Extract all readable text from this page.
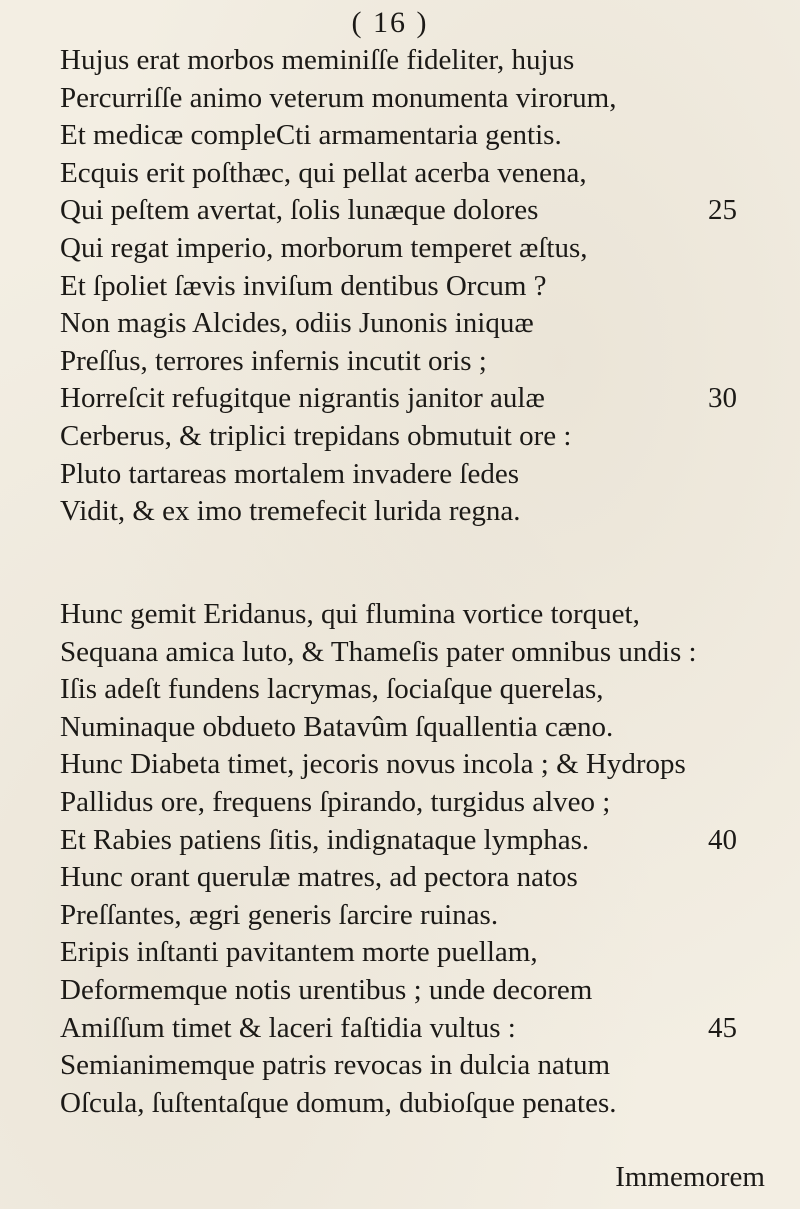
( 16 )
Hujus erat morbos meminiſſe fideliter, hujus
Percurriſſe animo veterum monumenta virorum,
Et medicæ compleCti armamentaria gentis.
Ecquis erit poſthæc, qui pellat acerba venena,
Qui peſtem avertat, ſolis lunæque dolores	25
Qui regat imperio, morborum temperet æſtus,
Et ſpoliet ſævis inviſum dentibus Orcum ?
Non magis Alcides, odiis Junonis iniquæ
Preſſus, terrores infernis incutit oris ;
Horreſcit refugitque nigrantis janitor aulæ	30
Cerberus, & triplici trepidans obmutuit ore :
Pluto tartareas mortalem invadere ſedes
Vidit, & ex imo tremefecit lurida regna.
Hunc gemit Eridanus, qui flumina vortice torquet,
Sequana amica luto, & Thameſis pater omnibus undis :
Iſis adeſt fundens lacrymas, ſociaſque querelas,
Numinaque obdueto Batavûm ſquallentia cæno.
Hunc Diabeta timet, jecoris novus incola ; & Hydrops
Pallidus ore, frequens ſpirando, turgidus alveo ;
Et Rabies patiens ſitis, indignataque lymphas.	40
Hunc orant querulæ matres, ad pectora natos
Preſſantes, ægri generis ſarcire ruinas.
Eripis inſtanti pavitantem morte puellam,
Deformemque notis urentibus ; unde decorem
Amiſſum timet & laceri faſtidia vultus :	45
Semianimemque patris revocas in dulcia natum
Oſcula, ſuſtentaſque domum, dubioſque penates.
Immemorem
